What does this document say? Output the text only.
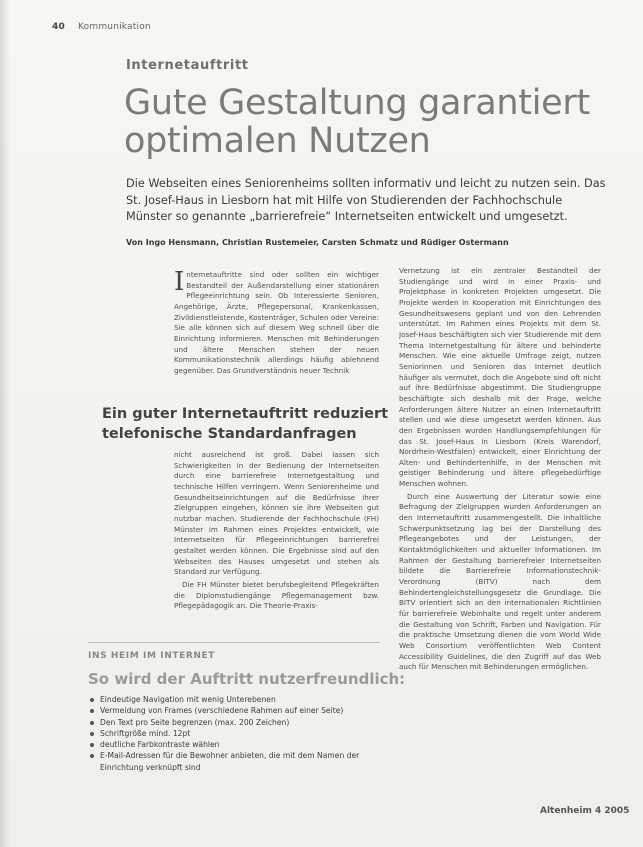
40 Kommunikation
Internetauftritt
Gute Gestaltung garantiert optimalen Nutzen
Die Webseiten eines Seniorenheims sollten informativ und leicht zu nutzen sein. Das St. Josef-Haus in Liesborn hat mit Hilfe von Studierenden der Fachhochschule Münster so genannte „barrierefreie“ Internetseiten entwickelt und umgesetzt.
Von Ingo Hensmann, Christian Rustemeier, Carsten Schmatz und Rüdiger Ostermann
I nternetauftritte sind oder sollten ein wichtiger Bestandteil der Außendarstellung einer stationären Pflegeeinrichtung sein. Ob Interessierte Senioren, Angehörige, Ärzte, Pflegepersonal, Krankenkassen, Zivildienstleistende, Kostenträger, Schulen oder Vereine: Sie alle können sich auf diesem Weg schnell über die Einrichtung informieren. Menschen mit Behinderungen und ältere Menschen stehen der neuen Kommunikationstechnik allerdings häufig ablehnend gegenüber. Das Grundverständnis neuer Technik

Ein guter Internetauftritt reduziert telefonische Standardanfragen

nicht ausreichend ist groß. Dabei lassen sich Schwierigkeiten in der Bedienung der Internetseiten durch eine barrierefreie Internetgestaltung und technische Hilfen verringern. Wenn Seniorenheime und Gesundheitseinrichtungen auf die Bedürfnisse ihrer Zielgruppen eingehen, können sie ihre Webseiten gut nutzbar machen. Studierende der Fachhochschule (FH) Münster im Rahmen eines Projektes entwickelt, wie Internetseiten für Pflegeeinrichtungen barrierefrei gestaltet werden können. Die Ergebnisse sind auf den Webseiten des Hauses umgesetzt und stehen als Standard zur Verfügung.

Die FH Münster bietet berufsbegleitend Pflegekräften die Diplomstudiengänge Pflegemanagement bzw. Pflegepädagogik an. Die Theorie-Praxis-

Vernetzung ist ein zentraler Bestandteil der Studiengänge und wird in einer Praxis- und Projektphase in konkreten Projekten umgesetzt. Die Projekte werden in Kooperation mit Einrichtungen des Gesundheitswesens geplant und von den Lehrenden unterstützt. Im Rahmen eines Projekts mit dem St. Josef-Haus beschäftigten sich vier Studierende mit dem Thema Internetgestaltung für ältere und behinderte Menschen. Wie eine aktuelle Umfrage zeigt, nutzen Seniorinnen und Senioren das Internet deutlich häufiger als vermutet, doch die Angebote sind oft nicht auf ihre Bedürfnisse abgestimmt. Die Studiengruppe beschäftigte sich deshalb mit der Frage, welche Anforderungen ältere Nutzer an einen Internetauftritt stellen und wie diese umgesetzt werden können. Aus den Ergebnissen wurden Handlungsempfehlungen für das St. Josef-Haus in Liesborn (Kreis Warendorf, Nordrhein-Westfalen) entwickelt, einer Einrichtung der Alten- und Behindertenhilfe, in der Menschen mit geistiger Behinderung und ältere pflegebedürftige Menschen wohnen.

Durch eine Auswertung der Literatur sowie eine Befragung der Zielgruppen wurden Anforderungen an den Internetauftritt zusammengestellt. Die inhaltliche Schwerpunktsetzung lag bei der Darstellung des Pflegeangebotes und der Leistungen, der Kontaktmöglichkeiten und aktueller Informationen. Im Rahmen der Gestaltung barrierefreier Internetseiten bildete die Barrierefreie Informationstechnik-Verordnung (BITV) nach dem Behindertengleichstellungsgesetz die Grundlage. Die BITV orientiert sich an den internationalen Richtlinien für barrierefreie Webinhalte und regelt unter anderem die Gestaltung von Schrift, Farben und Navigation. Für die praktische Umsetzung dienen die vom World Wide Web Consortium veröffentlichten Web Content Accessibility Guidelines, die den Zugriff auf das Web auch für Menschen mit Behinderungen ermöglichen.

INS HEIM IM INTERNET
So wird der Auftritt nutzerfreundlich:
Eindeutige Navigation mit wenig Unterebenen
Vermeidung von Frames (verschiedene Rahmen auf einer Seite)
Den Text pro Seite begrenzen (max. 200 Zeichen)
Schriftgröße mind. 12pt
deutliche Farbkontraste wählen
E-Mail-Adressen für die Bewohner anbieten, die mit dem Namen der Einrichtung verknüpft sind
Altenheim 4 2005
